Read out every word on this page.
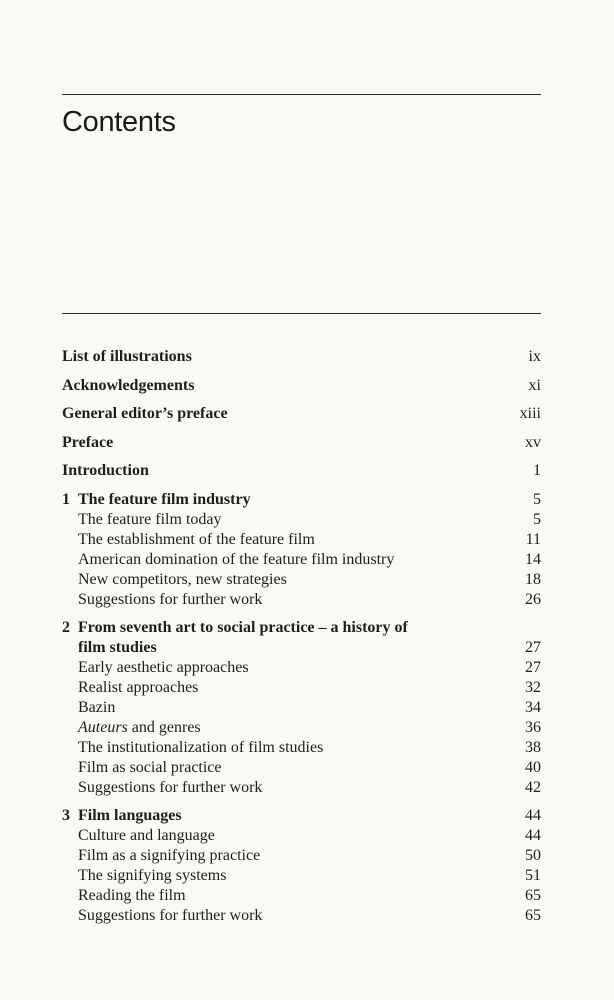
Contents
List of illustrations	ix
Acknowledgements	xi
General editor’s preface	xiii
Preface	xv
Introduction	1
1 The feature film industry	5
The feature film today	5
The establishment of the feature film	11
American domination of the feature film industry	14
New competitors, new strategies	18
Suggestions for further work	26
2 From seventh art to social practice – a history of
film studies	27
Early aesthetic approaches	27
Realist approaches	32
Bazin	34
Auteurs and genres	36
The institutionalization of film studies	38
Film as social practice	40
Suggestions for further work	42
3 Film languages	44
Culture and language	44
Film as a signifying practice	50
The signifying systems	51
Reading the film	65
Suggestions for further work	65
